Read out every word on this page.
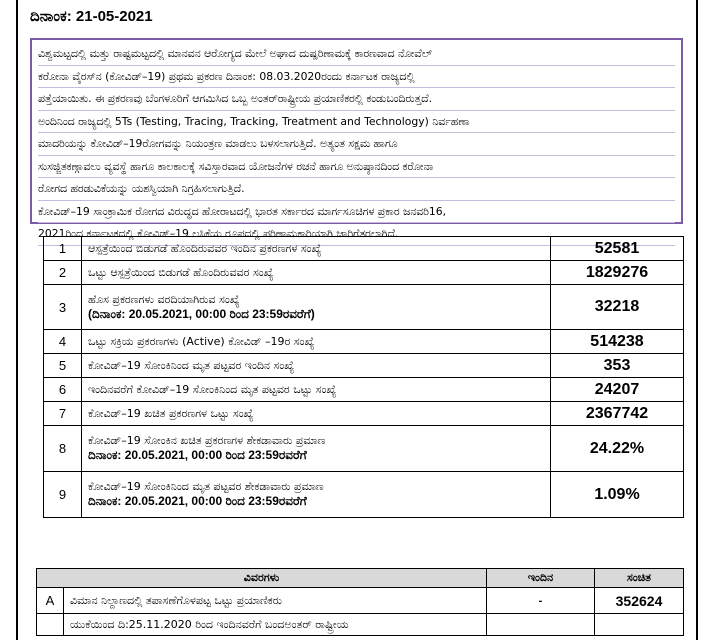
ದಿನಾಂಕ: 21-05-2021

ವಿಶ್ವಮಟ್ಟದಲ್ಲಿ ಮತ್ತು ರಾಷ್ಟಮಟ್ಟದಲ್ಲಿ ಮಾನವನ ಆರೋಗ್ಯದ ಮೇಲೆ ಅಘಾದ ದುಷ್ಪರಿಣಾಮಕ್ಕೆ ಕಾರಣವಾದ ನೋವೆಲ್

ಕರೋನಾ ವೈರಸ್‌ನ (ಕೋವಿಡ್–19) ಪ್ರಥಮ ಪ್ರಕರಣ ದಿನಾಂಕ: 08.03.2020ರಂದು ಕರ್ನಾಟಕ ರಾಜ್ಯದಲ್ಲಿ

ಪತ್ತೆಯಾಯಿತು. ಈ ಪ್ರಕರಣವು ಬೆಂಗಳೂರಿಗೆ ಆಗಮಿಸಿದ ಒಬ್ಬ ಅಂತರ್‌ರಾಷ್ಟ್ರೀಯ ಪ್ರಯಾಣಿಕರಲ್ಲಿ ಕಂಡುಬಂದಿರುತ್ತದೆ.

ಅಂದಿನಿಂದ ರಾಜ್ಯದಲ್ಲಿ 5Ts (Testing, Tracing, Tracking, Treatment and Technology) ನಿರ್ವಹಣಾ

ಮಾದರಿಯನ್ನು ಕೋವಿಡ್–19ರೋಗವನ್ನು ನಿಯಂತ್ರಣ ಮಾಡಲು ಬಳಸಲಾಗುತ್ತಿದೆ. ಅತ್ಯಂತ ಸಕ್ಷಮ ಹಾಗೂ

ಸುಸಜ್ಜಿತಕಣ್ಗಾವಲು ವ್ಯವಸ್ಥೆ ಹಾಗೂ ಕಾಲಕಾಲಕ್ಕೆ ಸವಿಸ್ತಾರವಾದ ಯೋಜನೆಗಳ ರಚನೆ ಹಾಗೂ ಅನುಷ್ಠಾನದಿಂದ ಕರೋನಾ

ರೋಗದ ಹರಡುವಿಕೆಯನ್ನು ಯಶಸ್ವಿಯಾಗಿ ನಿಗ್ರಹಿಸಲಾಗುತ್ತಿದೆ.

ಕೋವಿಡ್–19 ಸಾಂಕ್ರಾಮಿಕ ರೋಗದ ವಿರುದ್ಧದ ಹೋರಾಟದಲ್ಲಿ ಭಾರತ ಸರ್ಕಾರದ ಮಾರ್ಗಸೂಚಿಗಳ ಪ್ರಕಾರ ಜನವರಿ16,

2021ರಿಂದ ಕರ್ನಾಟಕದಲ್ಲಿ ಕೋವಿಡ್–19 ಲಸಿಕೆಯ ರೂಪದಲ್ಲಿ ಪರಿಣಾಮಕಾರಿಯಾಗಿ ಜಾರಿಗೆತರಲಾಗಿದೆ.

1	ಆಸ್ಪತ್ರೆಯಿಂದ ಬಿಡುಗಡೆ ಹೊಂದಿರುವವರ ಇಂದಿನ ಪ್ರಕರಣಗಳ ಸಂಖ್ಯೆ	52581
2	ಒಟ್ಟು ಆಸ್ಪತ್ರೆಯಿಂದ ಬಿಡುಗಡೆ ಹೊಂದಿರುವವರ ಸಂಖ್ಯೆ	1829276
3	ಹೊಸ ಪ್ರಕರಣಗಳು ವರದಿಯಾಗಿರುವ ಸಂಖ್ಯೆ
(ದಿನಾಂಕ: 20.05.2021, 00:00 ರಿಂದ 23:59ರವರೆಗೆ)	32218
4	ಒಟ್ಟು ಸಕ್ರಿಯ ಪ್ರಕರಣಗಳು (Active) ಕೋವಿಡ್ –19ರ ಸಂಖ್ಯೆ	514238
5	ಕೋವಿಡ್–19 ಸೋಂಕಿನಿಂದ ಮೃತ ಪಟ್ಟವರ ಇಂದಿನ ಸಂಖ್ಯೆ	353
6	ಇಂದಿನವರೆಗೆ ಕೋವಿಡ್–19 ಸೋಂಕಿನಿಂದ ಮೃತ ಪಟ್ಟವರ ಒಟ್ಟು ಸಂಖ್ಯೆ	24207
7	ಕೋವಿಡ್–19 ಖಚಿತ ಪ್ರಕರಣಗಳ ಒಟ್ಟು ಸಂಖ್ಯೆ	2367742
8	ಕೋವಿಡ್–19 ಸೋಂಕಿನ ಖಚಿತ ಪ್ರಕರಣಗಳ ಶೇಕಡಾವಾರು ಪ್ರಮಾಣ
ದಿನಾಂಕ: 20.05.2021, 00:00 ರಿಂದ 23:59ರವರೆಗೆ	24.22%
9	ಕೋವಿಡ್–19 ಸೋಂಕಿನಿಂದ ಮೃತ ಪಟ್ಟವರ ಶೇಕಡಾವಾರು ಪ್ರಮಾಣ
ದಿನಾಂಕ: 20.05.2021, 00:00 ರಿಂದ 23:59ರವರೆಗೆ	1.09%
ವಿವರಗಳು		ಇಂದಿನ	ಸಂಚಿತ
A	ವಿಮಾನ ನಿಲ್ದಾಣದಲ್ಲಿ ತಪಾಸಣೆಗೊಳಪಟ್ಟ ಒಟ್ಟು ಪ್ರಯಾಣಿಕರು	-	352624
	ಯುಕೆಯಿಂದ ದಿ:25.11.2020 ರಿಂದ ಇಂದಿನವರೆಗೆ ಬಂದಅಂತರ್ ರಾಷ್ಟ್ರೀಯ		
